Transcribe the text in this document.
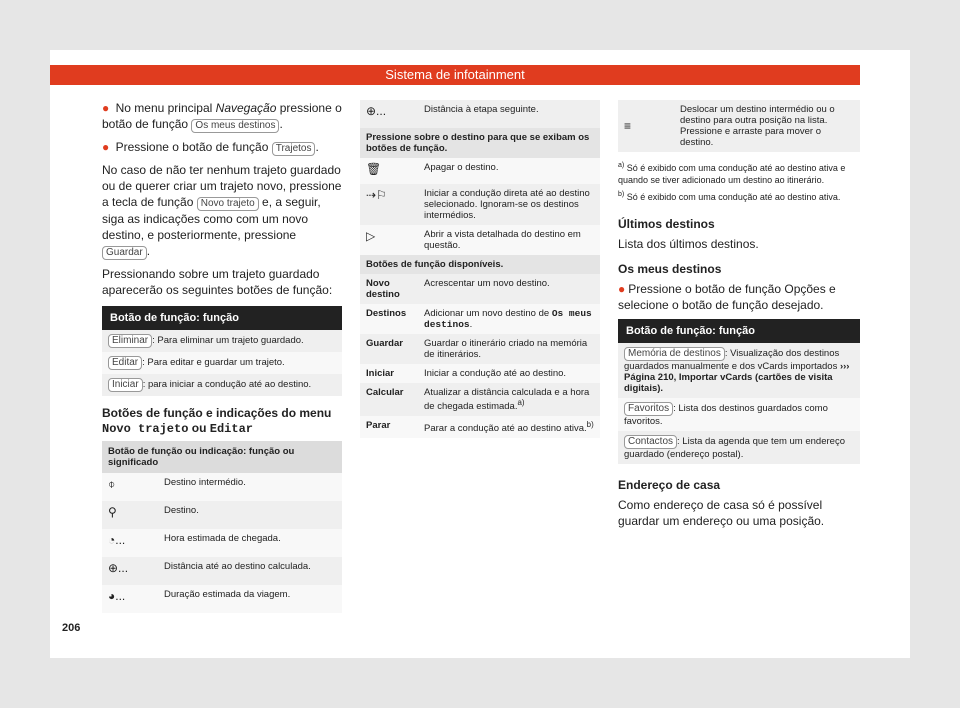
Sistema de infotainment

● No menu principal Navegação pressione o botão de função Os meus destinos .

● Pressione o botão de função Trajetos .

No caso de não ter nenhum trajeto guardado ou de querer criar um trajeto novo, pressione a tecla de função Novo trajeto e, a seguir, siga as indicações como com um novo destino, e posteriormente, pressione Guardar .

Pressionando sobre um trajeto guardado aparecerão os seguintes botões de função:

Botão de função: função
Eliminar : Para eliminar um trajeto guardado.
Editar : Para editar e guardar um trajeto.
Iniciar : para iniciar a condução até ao destino.
Botões de função e indicações do menu Novo trajeto ou Editar
Botão de função ou indicação: função ou significado	
⌽	Destino intermédio.
⚲	Destino.
◔...	Hora estimada de chegada.
⊕...	Distância até ao destino calculada.
◕...	Duração estimada da viagem.
⊕...	Distância à etapa seguinte.
Pressione sobre o destino para que se exibam os botões de função.	
🗑	Apagar o destino.
⇢⚐	Iniciar a condução direta até ao destino selecionado. Ignoram-se os destinos intermédios.
▷	Abrir a vista detalhada do destino em questão.
Botões de função disponíveis.	
Novo destino	Acrescentar um novo destino.
Destinos	Adicionar um novo destino de Os meus destinos.
Guardar	Guardar o itinerário criado na memória de itinerários.
Iniciar	Iniciar a condução até ao destino.
Calcular	Atualizar a distância calculada e a hora de chegada estimada.$^{a)}$
Parar	Parar a condução até ao destino ativa.$^{b)}$
≡	Deslocar um destino intermédio ou o destino para outra posição na lista. Pressione e arraste para mover o destino.

$^{a)}$ Só é exibido com uma condução até ao destino ativa e quando se tiver adicionado um destino ao itinerário.

$^{b)}$ Só é exibido com uma condução até ao destino ativa.

Últimos destinos

Lista dos últimos destinos.

Os meus destinos

● Pressione o botão de função Opções e selecione o botão de função desejado.

Botão de função: função
Memória de destinos : Visualização dos destinos guardados manualmente e dos vCards importados ››› Página 210, Importar vCards (cartões de visita digitais).
Favoritos : Lista dos destinos guardados como favoritos.
Contactos : Lista da agenda que tem um endereço guardado (endereço postal).
Endereço de casa

Como endereço de casa só é possível guardar um endereço ou uma posição.

206
